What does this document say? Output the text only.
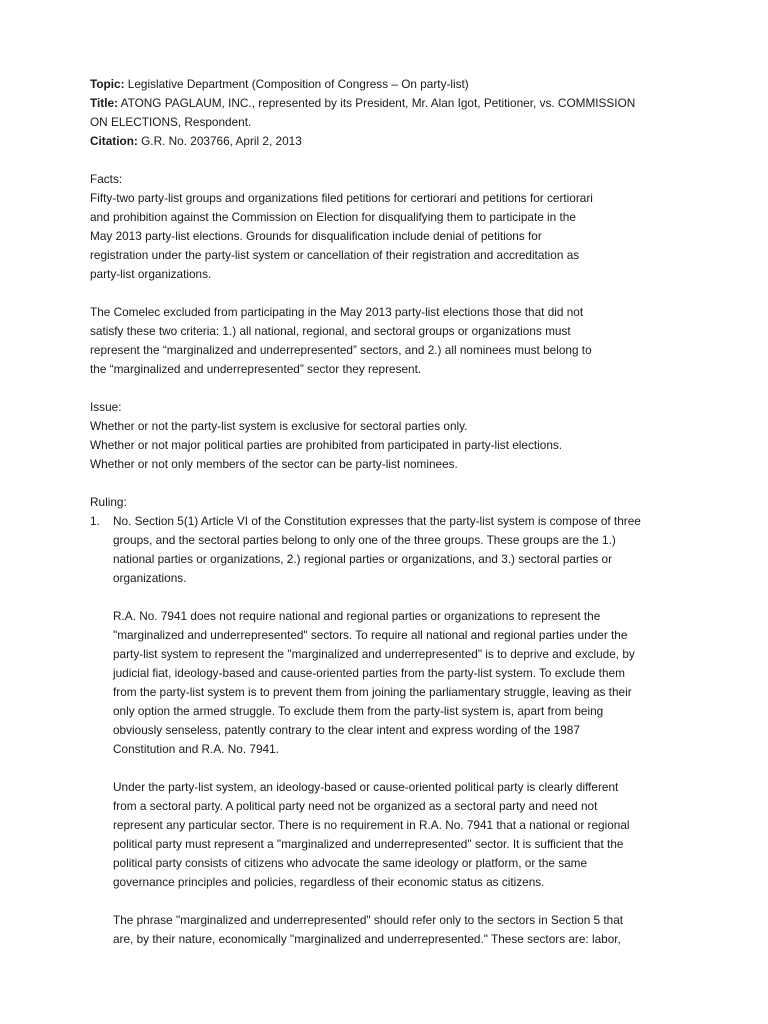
Topic: Legislative Department (Composition of Congress – On party-list)
Title: ATONG PAGLAUM, INC., represented by its President, Mr. Alan Igot, Petitioner, vs. COMMISSION
ON ELECTIONS, Respondent.
Citation: G.R. No. 203766, April 2, 2013
Facts:
Fifty-two party-list groups and organizations filed petitions for certiorari and petitions for certiorari
and prohibition against the Commission on Election for disqualifying them to participate in the
May 2013 party-list elections. Grounds for disqualification include denial of petitions for
registration under the party-list system or cancellation of their registration and accreditation as
party-list organizations.
The Comelec excluded from participating in the May 2013 party-list elections those that did not
satisfy these two criteria: 1.) all national, regional, and sectoral groups or organizations must
represent the “marginalized and underrepresented” sectors, and 2.) all nominees must belong to
the “marginalized and underrepresented” sector they represent.
Issue:
Whether or not the party-list system is exclusive for sectoral parties only.
Whether or not major political parties are prohibited from participated in party-list elections.
Whether or not only members of the sector can be party-list nominees.
Ruling:
1. No. Section 5(1) Article VI of the Constitution expresses that the party-list system is compose of three
groups, and the sectoral parties belong to only one of the three groups. These groups are the 1.)
national parties or organizations, 2.) regional parties or organizations, and 3.) sectoral parties or
organizations.
R.A. No. 7941 does not require national and regional parties or organizations to represent the
"marginalized and underrepresented" sectors. To require all national and regional parties under the
party-list system to represent the "marginalized and underrepresented" is to deprive and exclude, by
judicial fiat, ideology-based and cause-oriented parties from the party-list system. To exclude them
from the party-list system is to prevent them from joining the parliamentary struggle, leaving as their
only option the armed struggle. To exclude them from the party-list system is, apart from being
obviously senseless, patently contrary to the clear intent and express wording of the 1987
Constitution and R.A. No. 7941.
Under the party-list system, an ideology-based or cause-oriented political party is clearly different
from a sectoral party. A political party need not be organized as a sectoral party and need not
represent any particular sector. There is no requirement in R.A. No. 7941 that a national or regional
political party must represent a "marginalized and underrepresented" sector. It is sufficient that the
political party consists of citizens who advocate the same ideology or platform, or the same
governance principles and policies, regardless of their economic status as citizens.
The phrase "marginalized and underrepresented" should refer only to the sectors in Section 5 that
are, by their nature, economically "marginalized and underrepresented." These sectors are: labor,
